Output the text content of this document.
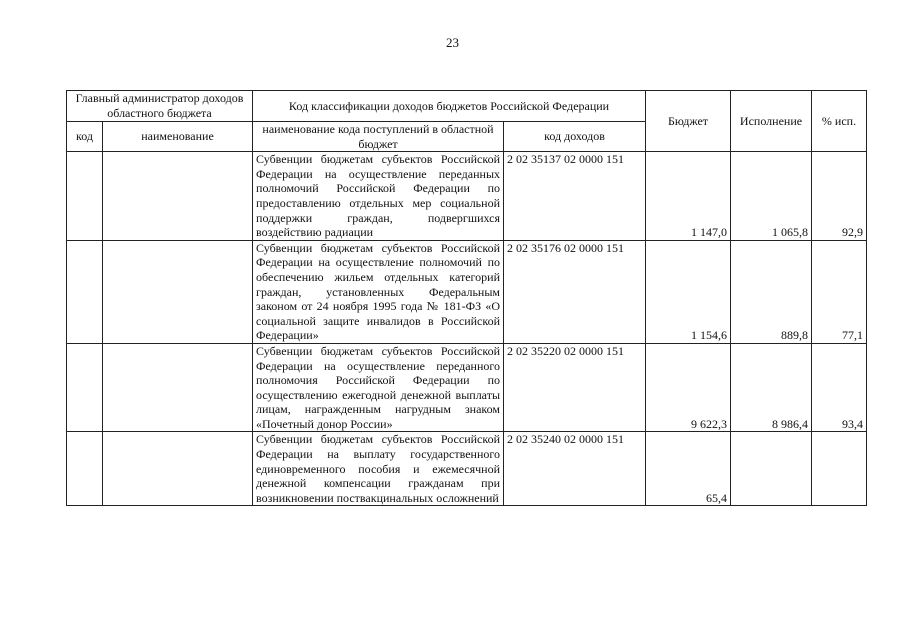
23
Главный администратор доходов областного бюджета		Код классификации доходов бюджетов Российской Федерации		Бюджет	Исполнение	% исп.
код	наименование	наименование кода поступлений в областной бюджет	код доходов			
		Субвенции бюджетам субъектов Российской Федерации на осуществление переданных полномочий Российской Федерации по предоставлению отдельных мер социальной поддержки граждан, подвергшихся воздействию радиации	2 02 35137 02 0000 151	1 147,0	1 065,8	92,9
		Субвенции бюджетам субъектов Российской Федерации на осуществление полномочий по обеспечению жильем отдельных категорий граждан, установленных Федеральным законом от 24 ноября 1995 года № 181-ФЗ «О социальной защите инвалидов в Российской Федерации»	2 02 35176 02 0000 151	1 154,6	889,8	77,1
		Субвенции бюджетам субъектов Российской Федерации на осуществление переданного полномочия Российской Федерации по осуществлению ежегодной денежной выплаты лицам, награжденным нагрудным знаком «Почетный донор России»	2 02 35220 02 0000 151	9 622,3	8 986,4	93,4
		Субвенции бюджетам субъектов Российской Федерации на выплату государственного единовременного пособия и ежемесячной денежной компенсации гражданам при возникновении поствакцинальных осложнений	2 02 35240 02 0000 151	65,4		
